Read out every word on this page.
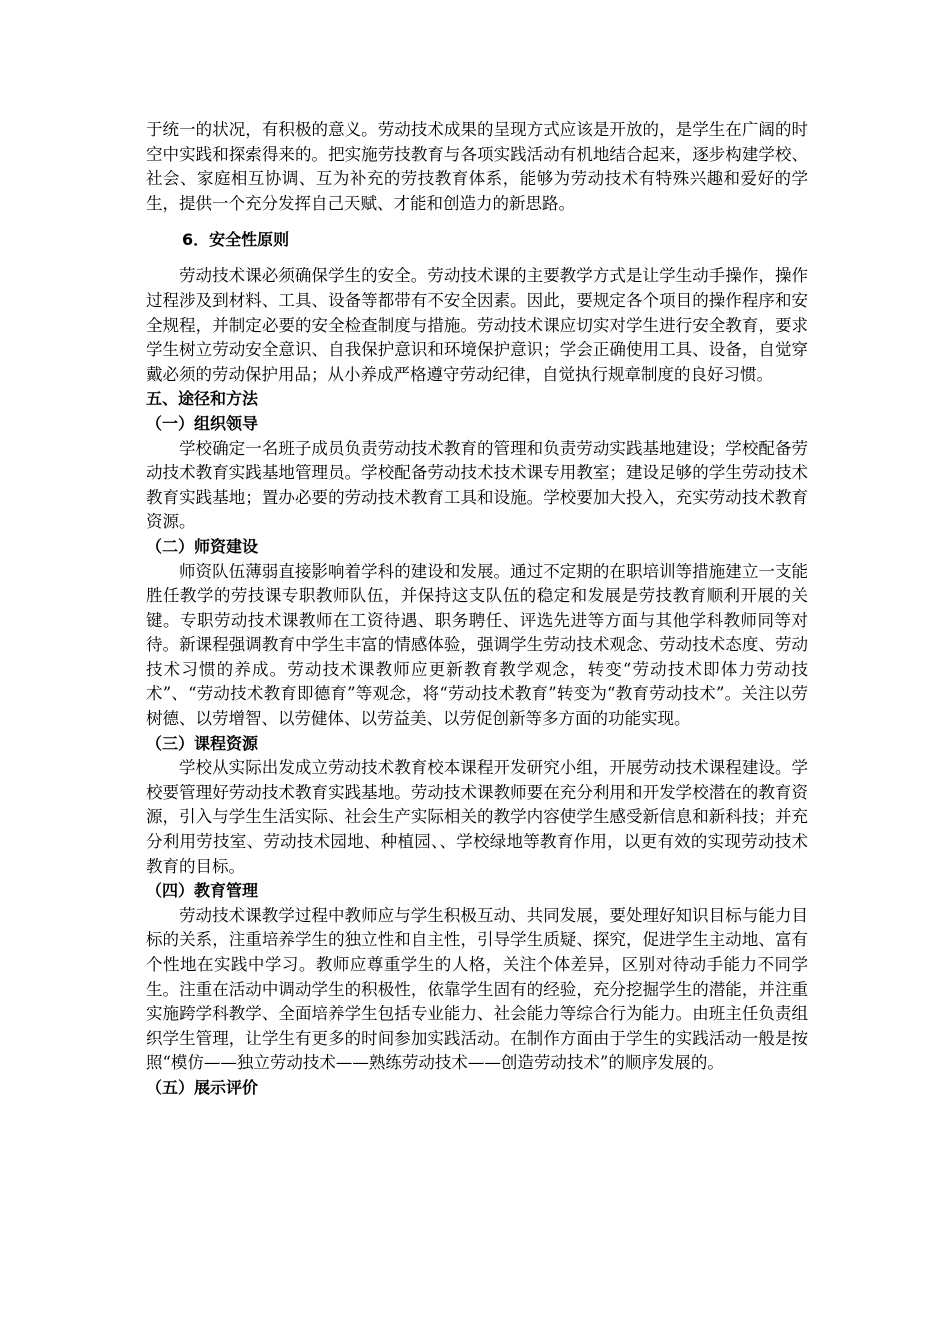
于统一的状况，有积极的意义。劳动技术成果的呈现方式应该是开放的，是学生在广阔的时空中实践和探索得来的。把实施劳技教育与各项实践活动有机地结合起来，逐步构建学校、社会、家庭相互协调、互为补充的劳技教育体系，能够为劳动技术有特殊兴趣和爱好的学生，提供一个充分发挥自己天赋、才能和创造力的新思路。

6．安全性原则

劳动技术课必须确保学生的安全。劳动技术课的主要教学方式是让学生动手操作，操作过程涉及到材料、工具、设备等都带有不安全因素。因此，要规定各个项目的操作程序和安全规程，并制定必要的安全检查制度与措施。劳动技术课应切实对学生进行安全教育，要求学生树立劳动安全意识、自我保护意识和环境保护意识；学会正确使用工具、设备，自觉穿戴必须的劳动保护用品；从小养成严格遵守劳动纪律，自觉执行规章制度的良好习惯。

五、途径和方法

（一）组织领导

学校确定一名班子成员负责劳动技术教育的管理和负责劳动实践基地建设；学校配备劳动技术教育实践基地管理员。学校配备劳动技术技术课专用教室；建设足够的学生劳动技术教育实践基地；置办必要的劳动技术教育工具和设施。学校要加大投入，充实劳动技术教育资源。

（二）师资建设

师资队伍薄弱直接影响着学科的建设和发展。通过不定期的在职培训等措施建立一支能胜任教学的劳技课专职教师队伍，并保持这支队伍的稳定和发展是劳技教育顺利开展的关键。专职劳动技术课教师在工资待遇、职务聘任、评选先进等方面与其他学科教师同等对待。新课程强调教育中学生丰富的情感体验，强调学生劳动技术观念、劳动技术态度、劳动技术习惯的养成。劳动技术课教师应更新教育教学观念，转变“劳动技术即体力劳动技术”、“劳动技术教育即德育”等观念，将“劳动技术教育”转变为“教育劳动技术”。关注以劳树德、以劳增智、以劳健体、以劳益美、以劳促创新等多方面的功能实现。

（三）课程资源

学校从实际出发成立劳动技术教育校本课程开发研究小组，开展劳动技术课程建设。学校要管理好劳动技术教育实践基地。劳动技术课教师要在充分利用和开发学校潜在的教育资源，引入与学生生活实际、社会生产实际相关的教学内容使学生感受新信息和新科技；并充分利用劳技室、劳动技术园地、种植园、、学校绿地等教育作用，以更有效的实现劳动技术教育的目标。

（四）教育管理

劳动技术课教学过程中教师应与学生积极互动、共同发展，要处理好知识目标与能力目标的关系，注重培养学生的独立性和自主性，引导学生质疑、探究，促进学生主动地、富有个性地在实践中学习。教师应尊重学生的人格，关注个体差异，区别对待动手能力不同学生。注重在活动中调动学生的积极性，依靠学生固有的经验，充分挖掘学生的潜能，并注重实施跨学科教学、全面培养学生包括专业能力、社会能力等综合行为能力。由班主任负责组织学生管理，让学生有更多的时间参加实践活动。在制作方面由于学生的实践活动一般是按照“模仿——独立劳动技术——熟练劳动技术——创造劳动技术”的顺序发展的。

（五）展示评价
